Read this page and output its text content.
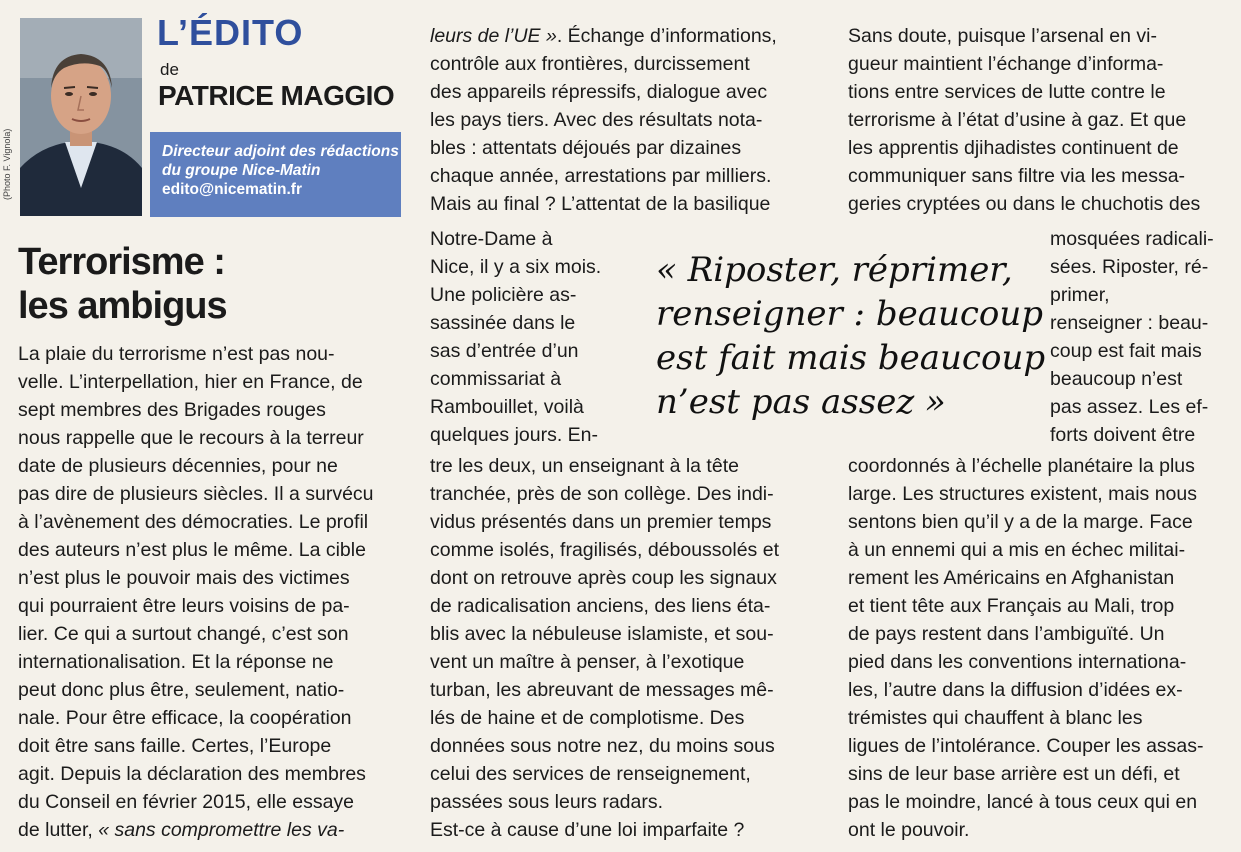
(Photo F. Vignola)
L’ÉDITO
de
PATRICE MAGGIO
Directeur adjoint des rédactions
du groupe Nice-Matin
edito@nicematin.fr
Terrorisme :
les ambigus
La plaie du terrorisme n’est pas nou-
velle. L’interpellation, hier en France, de
sept membres des Brigades rouges
nous rappelle que le recours à la terreur
date de plusieurs décennies, pour ne
pas dire de plusieurs siècles. Il a survécu
à l’avènement des démocraties. Le profil
des auteurs n’est plus le même. La cible
n’est plus le pouvoir mais des victimes
qui pourraient être leurs voisins de pa-
lier. Ce qui a surtout changé, c’est son
internationalisation. Et la réponse ne
peut donc plus être, seulement, natio-
nale. Pour être efficace, la coopération
doit être sans faille. Certes, l’Europe
agit. Depuis la déclaration des membres
du Conseil en février 2015, elle essaye
de lutter, « sans compromettre les va-
leurs de l’UE ». Échange d’informations,
contrôle aux frontières, durcissement
des appareils répressifs, dialogue avec
les pays tiers. Avec des résultats nota-
bles : attentats déjoués par dizaines
chaque année, arrestations par milliers.
Mais au final ? L’attentat de la basilique
Notre-Dame à
Nice, il y a six mois.
Une policière as-
sassinée dans le
sas d’entrée d’un
commissariat à
Rambouillet, voilà
quelques jours. En-
« Riposter, réprimer,
renseigner : beaucoup
est fait mais beaucoup
n’est pas assez »
tre les deux, un enseignant à la tête
tranchée, près de son collège. Des indi-
vidus présentés dans un premier temps
comme isolés, fragilisés, déboussolés et
dont on retrouve après coup les signaux
de radicalisation anciens, des liens éta-
blis avec la nébuleuse islamiste, et sou-
vent un maître à penser, à l’exotique
turban, les abreuvant de messages mê-
lés de haine et de complotisme. Des
données sous notre nez, du moins sous
celui des services de renseignement,
passées sous leurs radars.
Est-ce à cause d’une loi imparfaite ?
Sans doute, puisque l’arsenal en vi-
gueur maintient l’échange d’informa-
tions entre services de lutte contre le
terrorisme à l’état d’usine à gaz. Et que
les apprentis djihadistes continuent de
communiquer sans filtre via les messa-
geries cryptées ou dans le chuchotis des
mosquées radicali-
sées. Riposter, ré-
primer,
renseigner : beau-
coup est fait mais
beaucoup n’est
pas assez. Les ef-
forts doivent être
coordonnés à l’échelle planétaire la plus
large. Les structures existent, mais nous
sentons bien qu’il y a de la marge. Face
à un ennemi qui a mis en échec militai-
rement les Américains en Afghanistan
et tient tête aux Français au Mali, trop
de pays restent dans l’ambiguïté. Un
pied dans les conventions internationa-
les, l’autre dans la diffusion d’idées ex-
trémistes qui chauffent à blanc les
ligues de l’intolérance. Couper les assas-
sins de leur base arrière est un défi, et
pas le moindre, lancé à tous ceux qui en
ont le pouvoir.
